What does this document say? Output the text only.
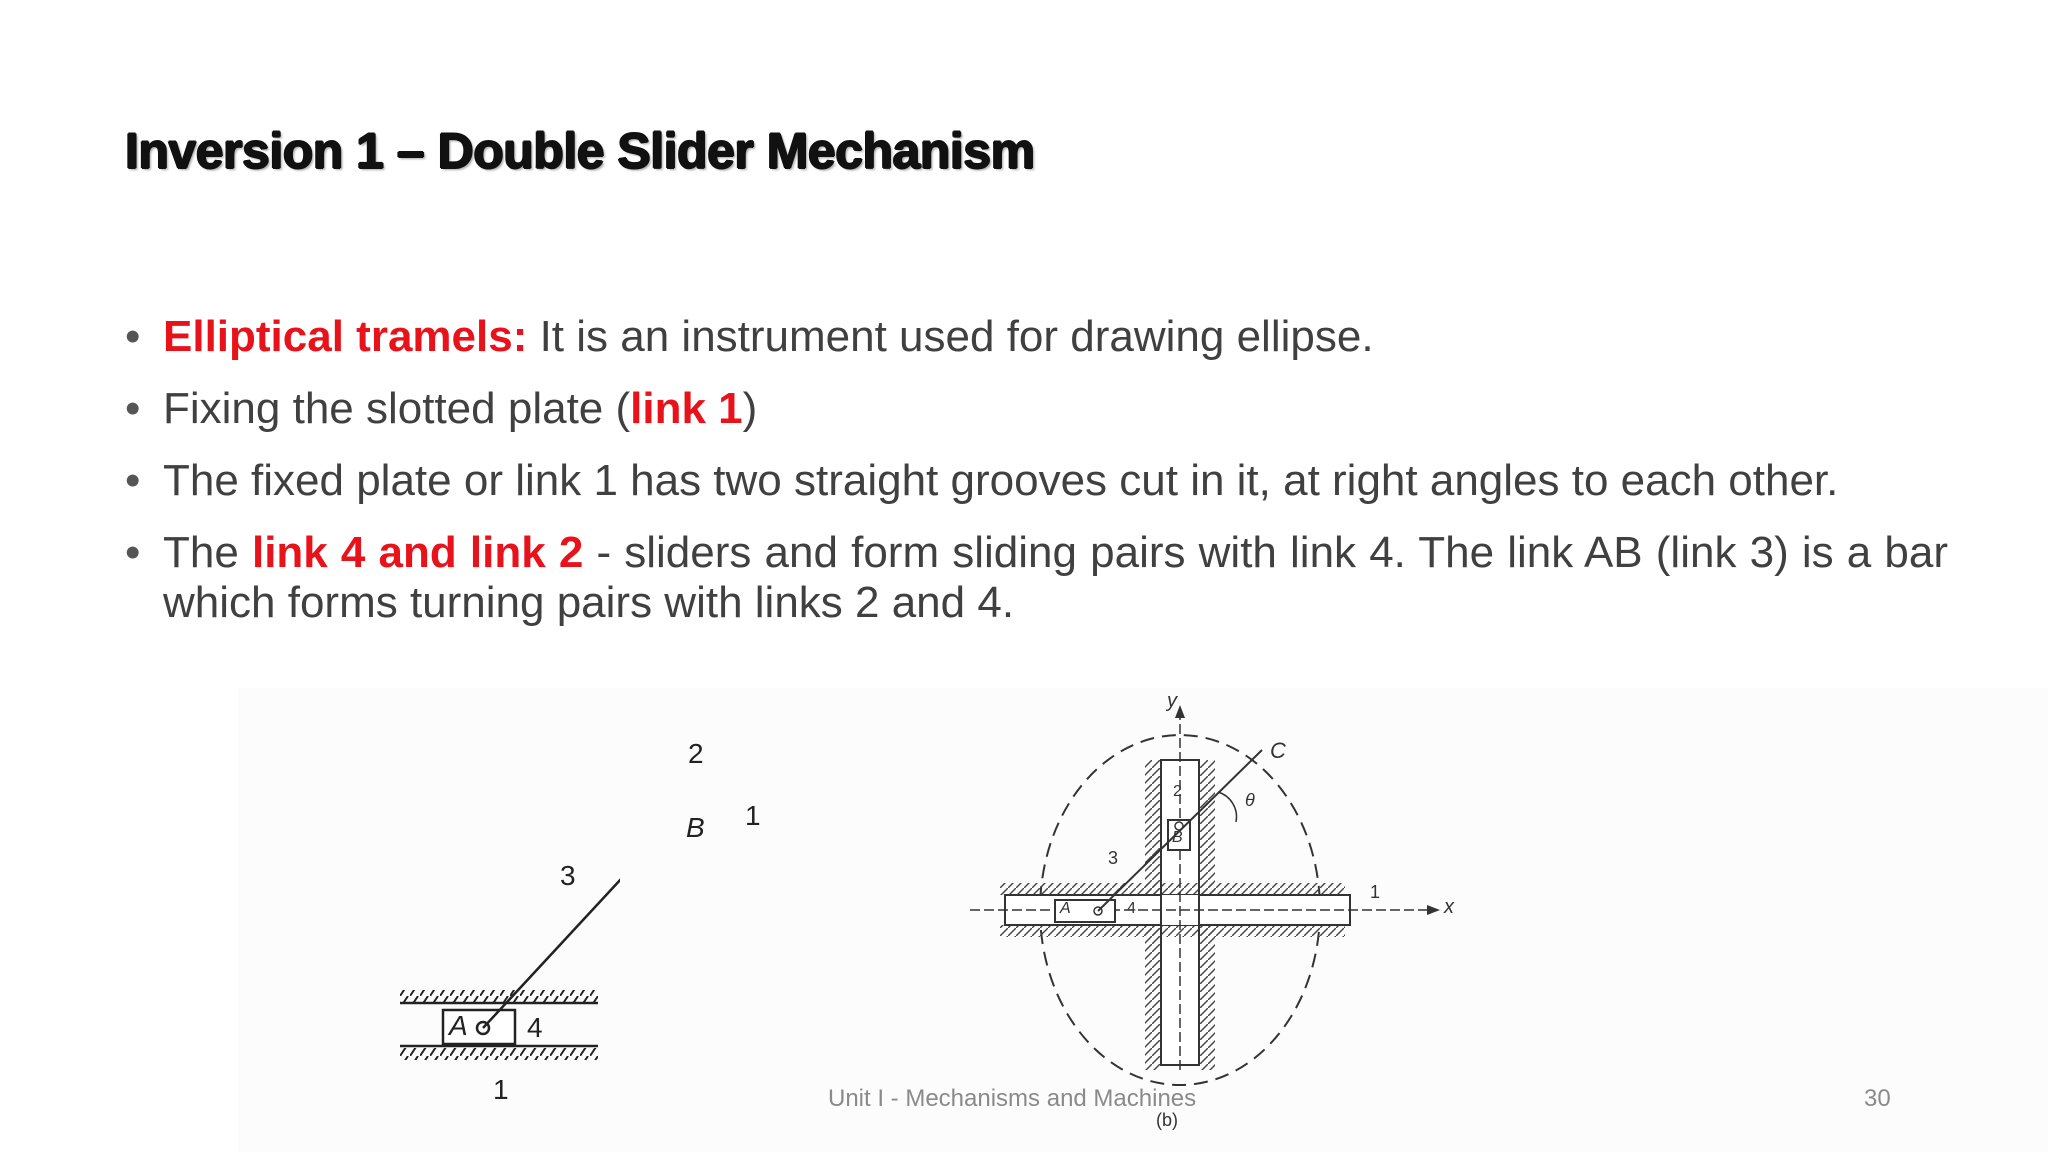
Inversion 1 – Double Slider Mechanism
• Elliptical tramels: It is an instrument used for drawing ellipse.
• Fixing the slotted plate (link 1)
• The fixed plate or link 1 has two straight grooves cut in it, at right angles to each other.
• The link 4 and link 2 - sliders and form sliding pairs with link 4. The link AB (link 3) is a bar which forms turning pairs with links 2 and 4.
2
B 1
3
A 4
1
y
C
θ
2
B
3
A	4
1
x
(b)
Unit I - Mechanisms and Machines	30
